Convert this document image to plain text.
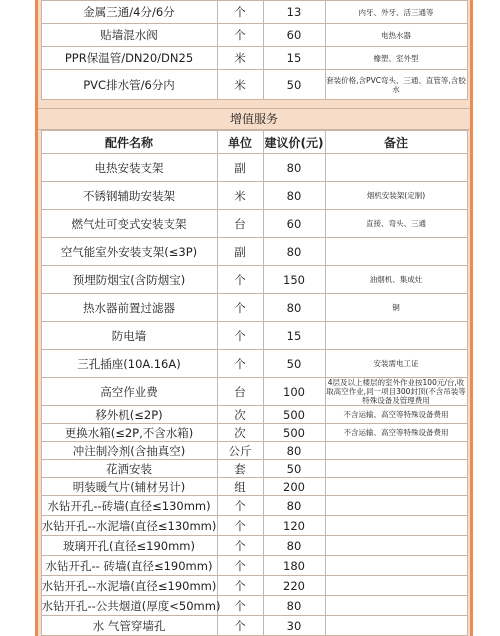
金属三通/4分/6分	个	13	内牙、外牙、活三通等
贴墙混水阀	个	60	电热水器
PPR保温管/DN20/DN25	米	15	橡塑、室外型
PVC排水管/6分内	米	50	套装价格,含PVC弯头、三通、直管等,含胶水
增值服务
配件名称	单位	建议价(元)	备注
电热安装支架	副	80	
不锈钢辅助安装架	米	80	烟机安装架(定制)
燃气灶可变式安装支架	台	60	直接、弯头、三通
空气能室外安装支架(≤3P)	副	80	
预埋防烟宝(含防烟宝)	个	150	油烟机、集成灶
热水器前置过滤器	个	80	铜
防电墙	个	15	
三孔插座(10A.16A)	个	50	安装需电工证
高空作业费	台	100	4层及以上楼层的室外作业按100元/台,收取高空作业,同一项目300封顶(不含吊装等特殊设备及管理费用
移外机(≤2P)	次	500	不含运输、高空等特殊设备费用
更换水箱(≤2P,不含水箱)	次	500	不含运输、高空等特殊设备费用
冲注制冷剂(含抽真空)	公斤	80	
花洒安装	套	50	
明装暖气片(辅材另计)	组	200	
水钻开孔--砖墙(直径≤130mm)	个	80	
水钻开孔--水泥墙(直径≤130mm)	个	120	
玻璃开孔(直径≤190mm)	个	80	
水钻开孔-- 砖墙(直径≤190mm)	个	180	
水钻开孔--水泥墙(直径≤190mm)	个	220	
水钻开孔--公共烟道(厚度<50mm)	个	80	
水 气管穿墙孔	个	30	
